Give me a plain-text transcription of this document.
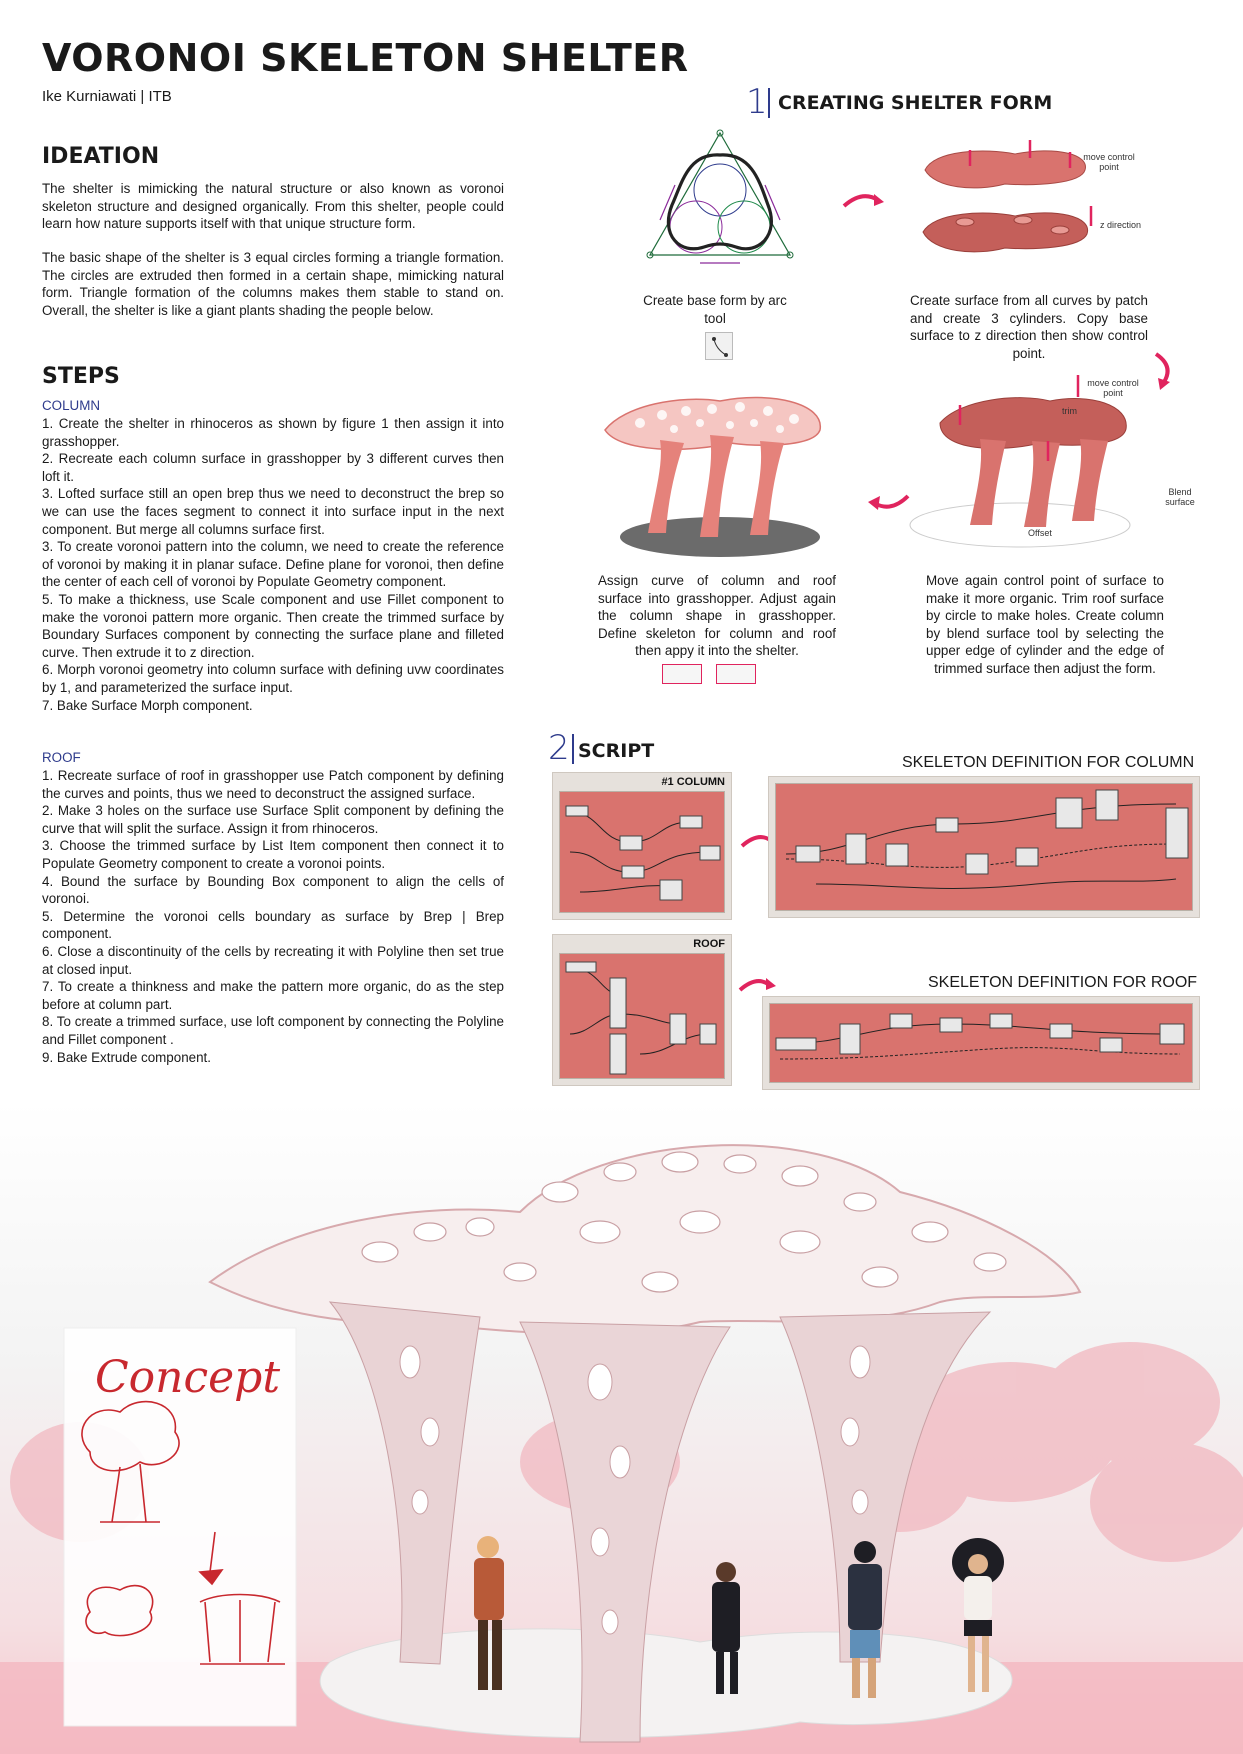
VORONOI SKELETON SHELTER
Ike Kurniawati | ITB
IDEATION

The shelter is mimicking the natural structure or also known as voronoi skeleton structure and designed organically. From this shelter, people could learn how nature supports itself with that unique structure form.

The basic shape of the shelter is 3 equal circles forming a triangle formation. The circles are extruded then formed in a certain shape, mimicking natural form. Triangle formation of the columns makes them stable to stand on. Overall, the shelter is like a giant plants shading the people below.

STEPS
COLUMN
1. Create the shelter in rhinoceros as shown by figure 1 then assign it into grasshopper.
2. Recreate each column surface in grasshopper by 3 different curves then loft it.
3. Lofted surface still an open brep thus we need to deconstruct the brep so we can use the faces segment to connect it into surface input in the next component. But merge all columns surface first.
3. To create voronoi pattern into the column, we need to create the reference of voronoi by making it in planar suface. Define plane for voronoi, then define the center of each cell of voronoi by Populate Geometry component.
5. To make a thickness, use Scale component and use Fillet component to make the voronoi pattern more organic. Then create the trimmed surface by Boundary Surfaces component by connecting the surface plane and filleted curve. Then extrude it to z direction.
6. Morph voronoi geometry into column surface with defining uvw coordinates by 1, and parameterized the surface input.
7. Bake Surface Morph component.
ROOF
1. Recreate surface of roof in grasshopper use Patch component by defining the curves and points, thus we need to deconstruct the assigned surface.
2. Make 3 holes on the surface use Surface Split component by defining the curve that will split the surface. Assign it from rhinoceros.
3. Choose the trimmed surface by List Item component then connect it to Populate Geometry component to create a voronoi points.
4. Bound the surface by Bounding Box component to align the cells of voronoi.
5. Determine the voronoi cells boundary as surface by Brep | Brep component.
6. Close a discontinuity of the cells by recreating it with Polyline then set true at closed input.
7. To create a thinkness and make the pattern more organic, do as the step before at column part.
8. To create a trimmed surface, use loft component by connecting the Polyline and Fillet component .
9. Bake Extrude component.
1 CREATING SHELTER FORM
Create base form by arc tool
move control point
z direction
Create surface from all curves by patch and create 3 cylinders. Copy base surface to z direction then show control point.
move control point
trim
Blend surface
Offset
Assign curve of column and roof surface into grasshopper. Adjust again the column shape in grasshopper. Define skeleton for column and roof then appy it into the shelter.
Move again control point of surface to make it more organic. Trim roof surface by circle to make holes. Create column by blend surface tool by selecting the upper edge of cylinder and the edge of trimmed surface then adjust the form.
2 SCRIPT
#1 COLUMN
SKELETON DEFINITION FOR COLUMN
ROOF
SKELETON DEFINITION FOR ROOF
Concept
